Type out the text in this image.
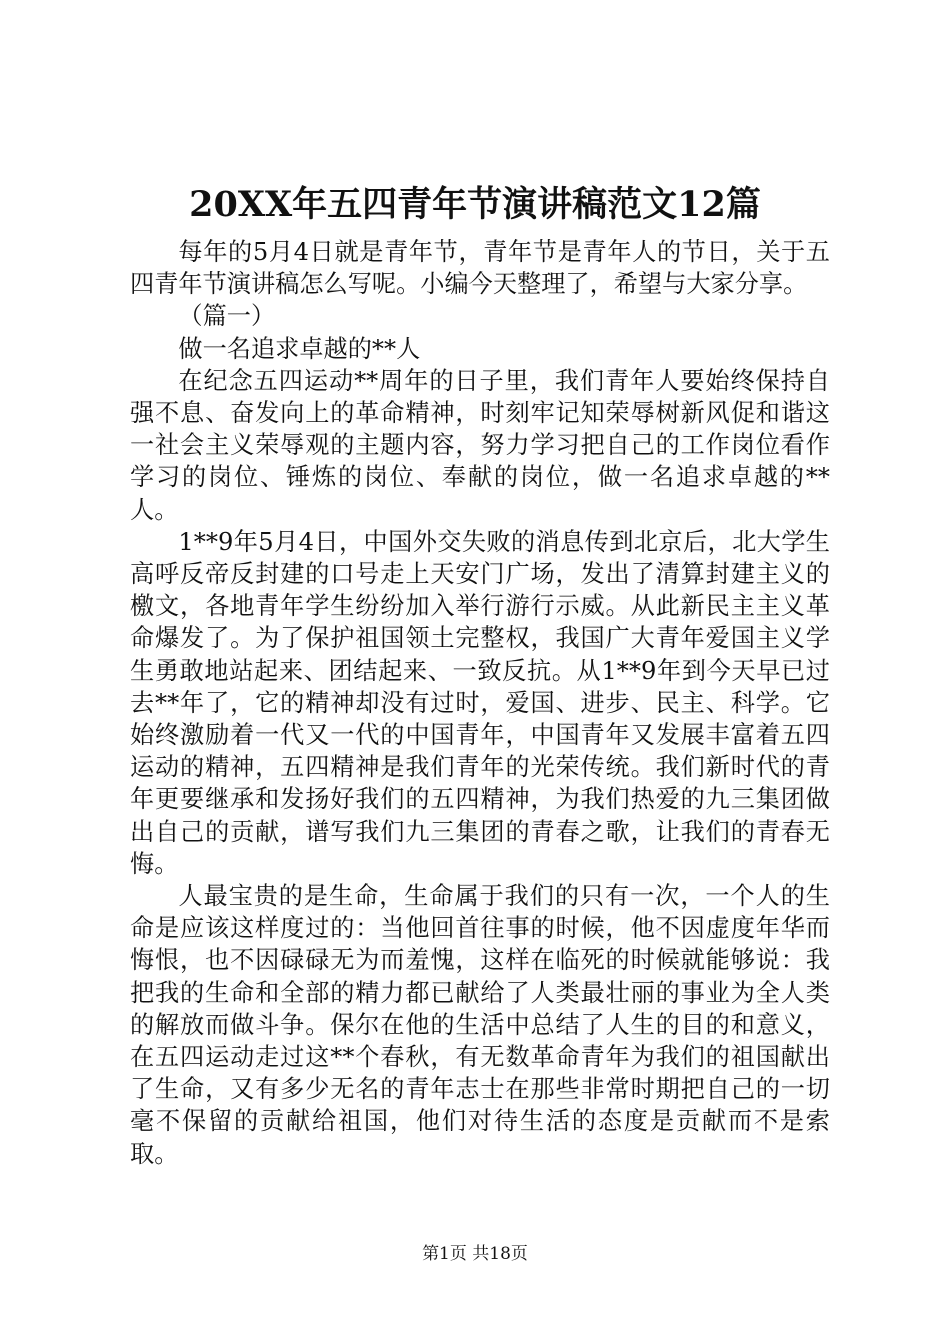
20XX年五四青年节演讲稿范文12篇

每年的5月4日就是青年节，青年节是青年人的节日，关于五四青年节演讲稿怎么写呢。小编今天整理了，希望与大家分享。

（篇一）

做一名追求卓越的**人

在纪念五四运动**周年的日子里，我们青年人要始终保持自强不息、奋发向上的革命精神，时刻牢记知荣辱树新风促和谐这一社会主义荣辱观的主题内容，努力学习把自己的工作岗位看作学习的岗位、锤炼的岗位、奉献的岗位，做一名追求卓越的**人。

1**9年5月4日，中国外交失败的消息传到北京后，北大学生高呼反帝反封建的口号走上天安门广场，发出了清算封建主义的檄文，各地青年学生纷纷加入举行游行示威。从此新民主主义革命爆发了。为了保护祖国领土完整权，我国广大青年爱国主义学生勇敢地站起来、团结起来、一致反抗。从1**9年到今天早已过去**年了，它的精神却没有过时，爱国、进步、民主、科学。它始终激励着一代又一代的中国青年，中国青年又发展丰富着五四运动的精神，五四精神是我们青年的光荣传统。我们新时代的青年更要继承和发扬好我们的五四精神，为我们热爱的九三集团做出自己的贡献，谱写我们九三集团的青春之歌，让我们的青春无悔。

人最宝贵的是生命，生命属于我们的只有一次，一个人的生命是应该这样度过的：当他回首往事的时候，他不因虚度年华而悔恨，也不因碌碌无为而羞愧，这样在临死的时候就能够说：我把我的生命和全部的精力都已献给了人类最壮丽的事业为全人类的解放而做斗争。保尔在他的生活中总结了人生的目的和意义，在五四运动走过这**个春秋，有无数革命青年为我们的祖国献出了生命，又有多少无名的青年志士在那些非常时期把自己的一切毫不保留的贡献给祖国，他们对待生活的态度是贡献而不是索取。

第1页 共18页
